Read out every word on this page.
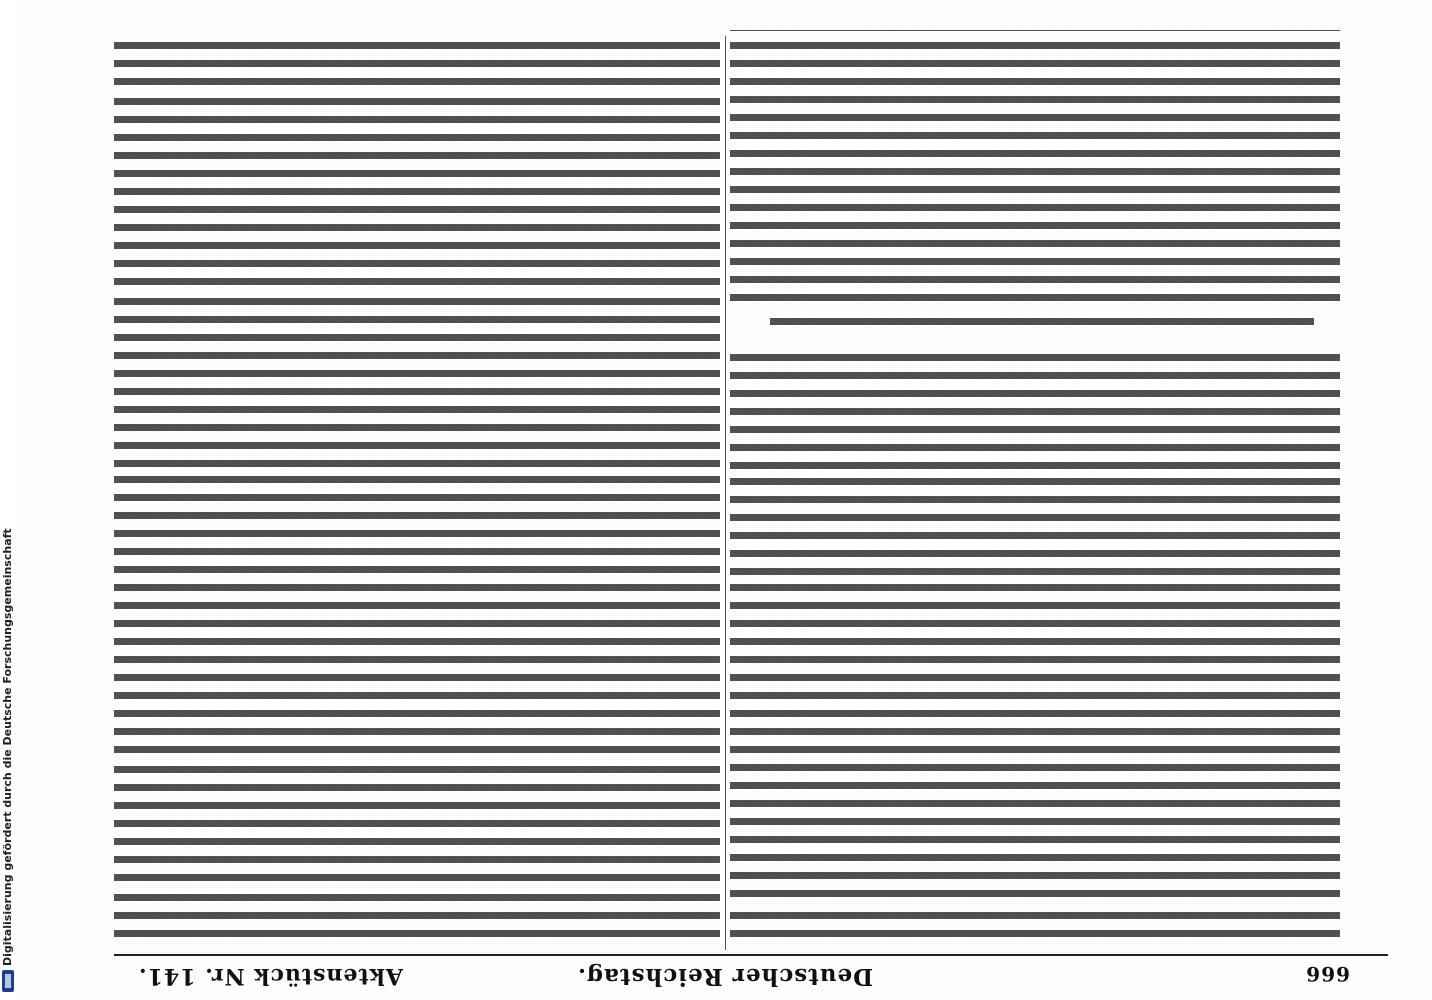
Digitalisierung gefördert durch die Deutsche Forschungsgemeinschaft
666
Deutscher Reichstag.
Aktenstück Nr. 141.
